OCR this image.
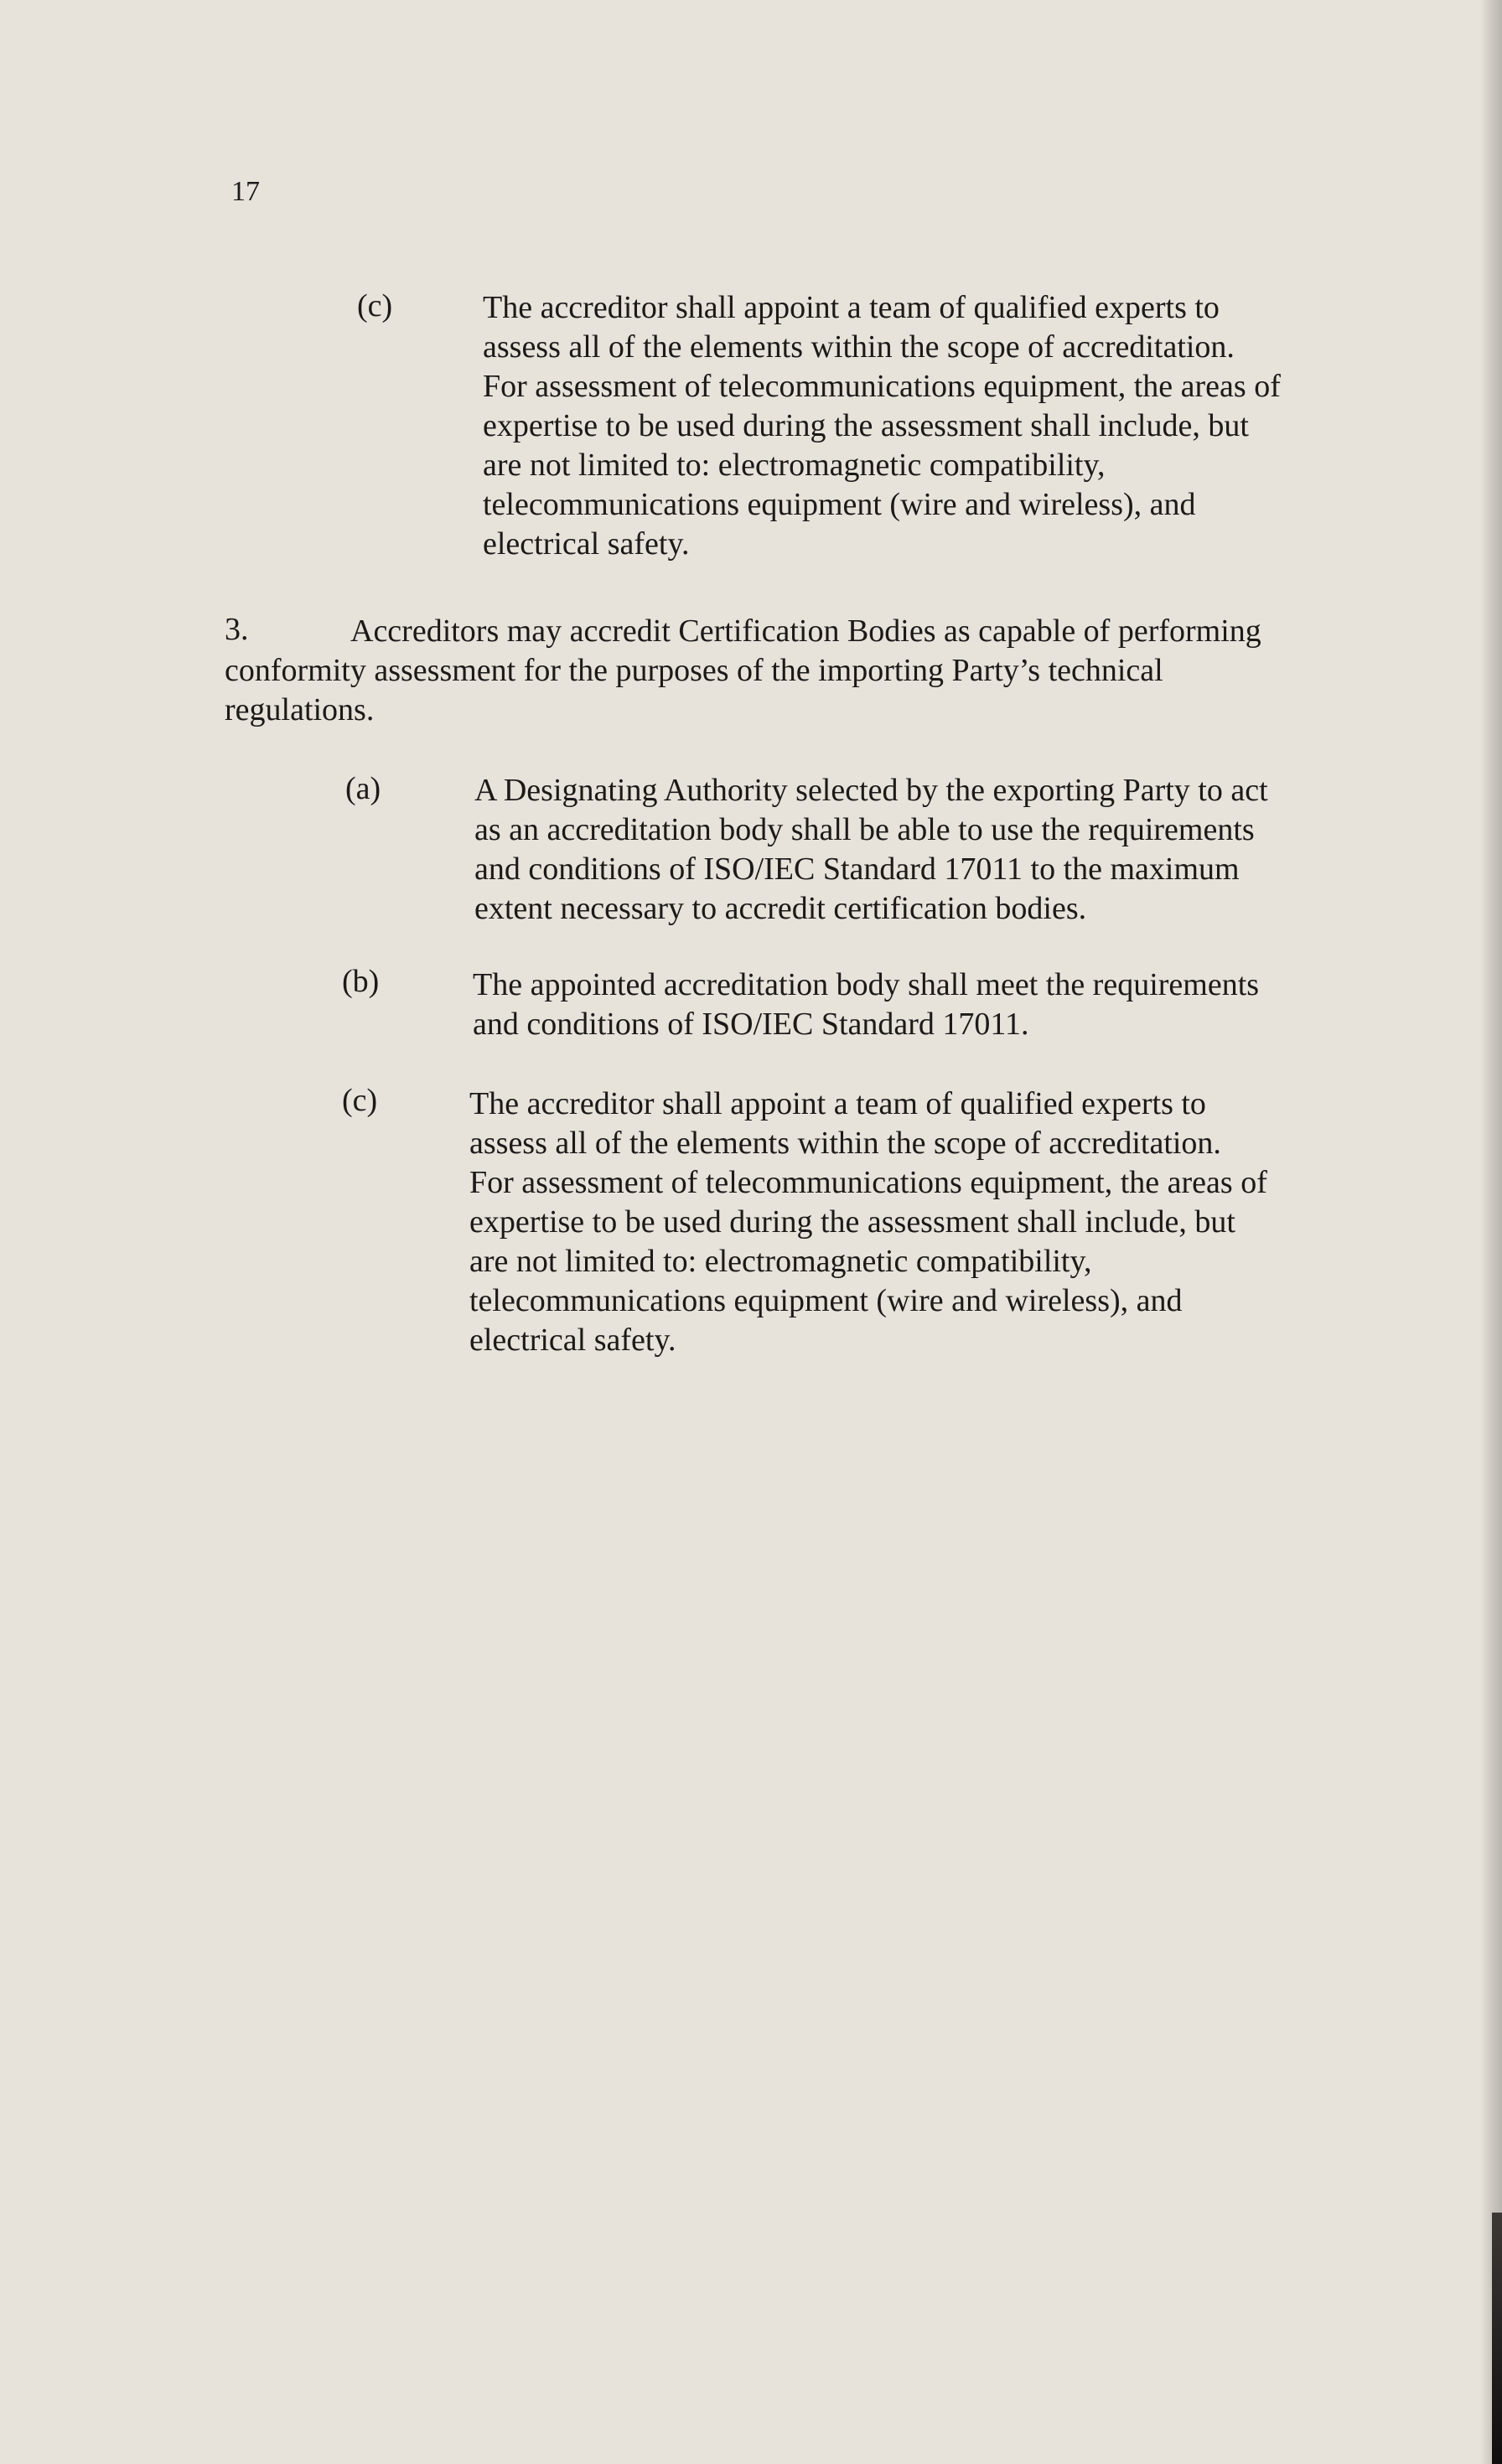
17
(c)	The accreditor shall appoint a team of qualified experts to
assess all of the elements within the scope of accreditation.
For assessment of telecommunications equipment, the areas of
expertise to be used during the assessment shall include, but
are not limited to: electromagnetic compatibility,
telecommunications equipment (wire and wireless), and
electrical safety.
3.	Accreditors may accredit Certification Bodies as capable of performing
conformity assessment for the purposes of the importing Party’s technical
regulations.
(a)	A Designating Authority selected by the exporting Party to act
as an accreditation body shall be able to use the requirements
and conditions of ISO/IEC Standard 17011 to the maximum
extent necessary to accredit certification bodies.
(b)	The appointed accreditation body shall meet the requirements
and conditions of ISO/IEC Standard 17011.
(c)	The accreditor shall appoint a team of qualified experts to
assess all of the elements within the scope of accreditation.
For assessment of telecommunications equipment, the areas of
expertise to be used during the assessment shall include, but
are not limited to: electromagnetic compatibility,
telecommunications equipment (wire and wireless), and
electrical safety.
